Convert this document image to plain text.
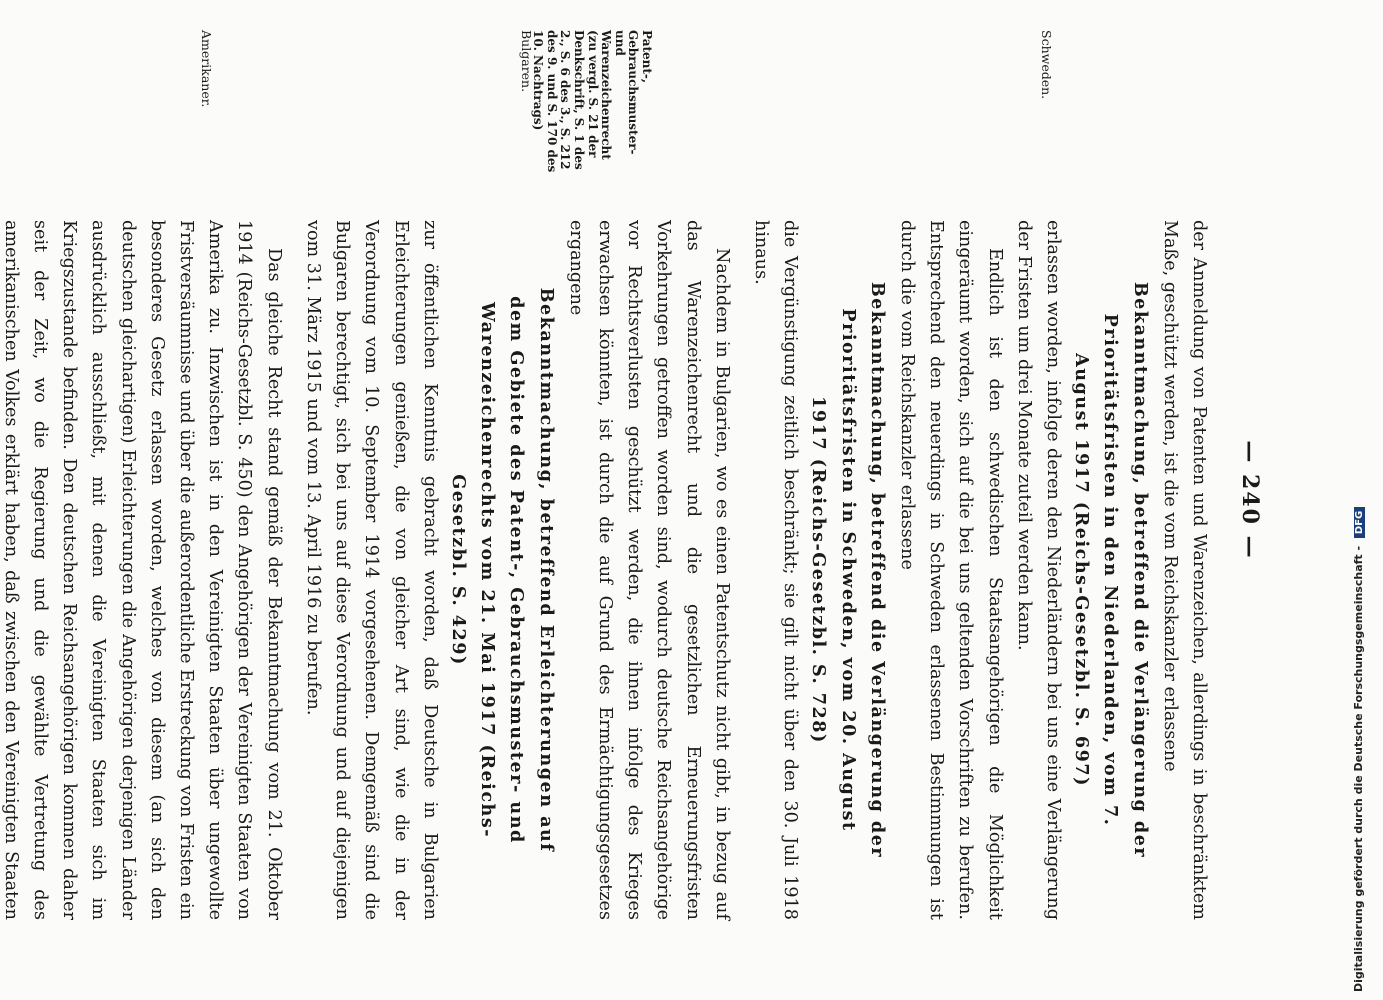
— 240 —
Schweden.
Patent-, Gebrauchsmuster- und Warenzeichenrecht (zu vergl. S. 21 der Denkschrift, S. 1 des 2., S. 6 des 3., S. 212 des 9. und S. 170 des 10. Nachtrags)
Bulgaren.
Amerikaner.

der Anmeldung von Patenten und Warenzeichen, allerdings in beschränktem Maße, geschützt werden, ist die vom Reichskanzler erlassene

Bekanntmachung, betreffend die Verlängerung der Prioritätsfristen in den Niederlanden, vom 7. August 1917 (Reichs-Gesetzbl. S. 697)

erlassen worden, infolge deren den Niederländern bei uns eine Verlängerung der Fristen um drei Monate zuteil werden kann.

Endlich ist den schwedischen Staatsangehörigen die Möglichkeit eingeräumt worden, sich auf die bei uns geltenden Vorschriften zu berufen. Entsprechend den neuerdings in Schweden erlassenen Bestimmungen ist durch die vom Reichskanzler erlassene

Bekanntmachung, betreffend die Verlängerung der Prioritätsfristen in Schweden, vom 20. August 1917 (Reichs-Gesetzbl. S. 728)

die Vergünstigung zeitlich beschränkt; sie gilt nicht über den 30. Juli 1918 hinaus.

Nachdem in Bulgarien, wo es einen Patentschutz nicht gibt, in bezug auf das Warenzeichenrecht und die gesetzlichen Erneuerungsfristen Vorkehrungen getroffen worden sind, wodurch deutsche Reichsangehörige vor Rechtsverlusten geschützt werden, die ihnen infolge des Krieges erwachsen könnten, ist durch die auf Grund des Ermächtigungsgesetzes ergangene

Bekanntmachung, betreffend Erleichterungen auf dem Gebiete des Patent-, Gebrauchsmuster- und Warenzeichenrechts vom 21. Mai 1917 (Reichs-Gesetzbl. S. 429)

zur öffentlichen Kenntnis gebracht worden, daß Deutsche in Bulgarien Erleichterungen genießen, die von gleicher Art sind, wie die in der Verordnung vom 10. September 1914 vorgesehenen. Demgemäß sind die Bulgaren berechtigt, sich bei uns auf diese Verordnung und auf diejenigen vom 31. März 1915 und vom 13. April 1916 zu berufen.

Das gleiche Recht stand gemäß der Bekanntmachung vom 21. Oktober 1914 (Reichs-Gesetzbl. S. 450) den Angehörigen der Vereinigten Staaten von Amerika zu. Inzwischen ist in den Vereinigten Staaten über ungewollte Fristversäumnisse und über die außerordentliche Erstreckung von Fristen ein besonderes Gesetz erlassen worden, welches von diesem (an sich den deutschen gleichartigen) Erleichterungen die Angehörigen derjenigen Länder ausdrücklich ausschließt, mit denen die Vereinigten Staaten sich im Kriegszustande befinden. Den deutschen Reichsangehörigen kommen daher seit der Zeit, wo die Regierung und die gewählte Vertretung des amerikanischen Volkes erklärt haben, daß zwischen den Vereinigten Staaten	Digitalisierung gefördert durch die Deutsche Forschungsgemeinschaft - DFG
